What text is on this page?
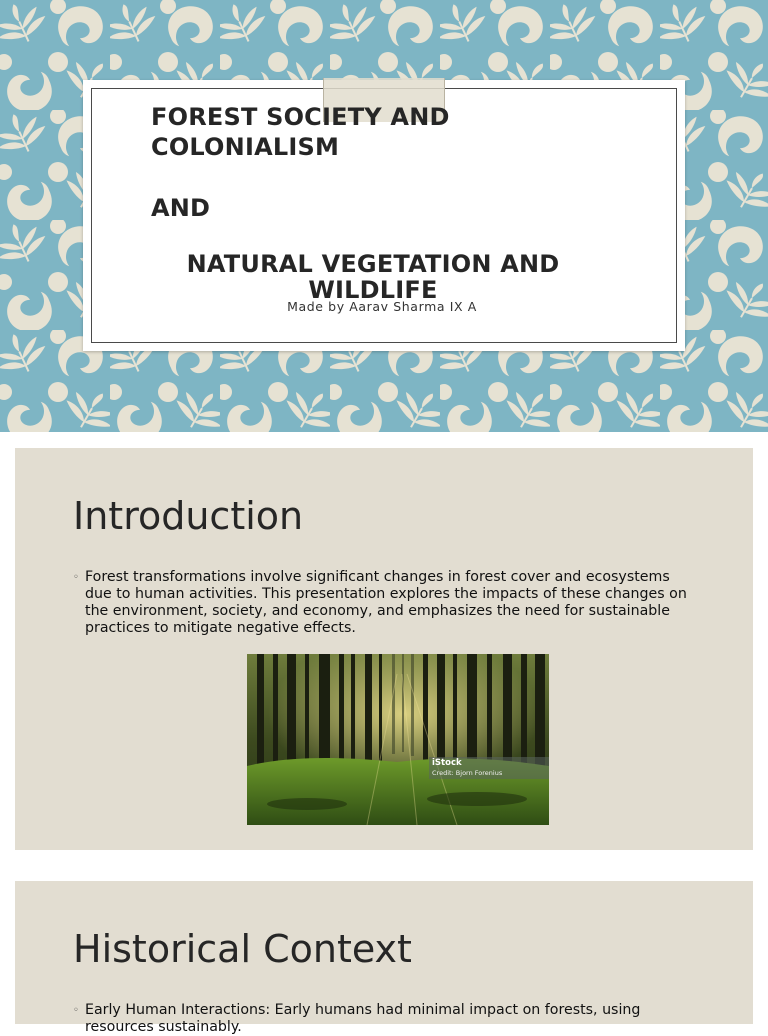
FOREST SOCIETY AND COLONIALISM
AND
NATURAL VEGETATION AND WILDLIFE
Made by Aarav Sharma IX A
Introduction

◦ Forest transformations involve significant changes in forest cover and ecosystems due to human activities. This presentation explores the impacts of these changes on the environment, society, and economy, and emphasizes the need for sustainable practices to mitigate negative effects.

iStock
Credit: Bjorn Forenius
Historical Context

◦ Early Human Interactions: Early humans had minimal impact on forests, using resources sustainably.
